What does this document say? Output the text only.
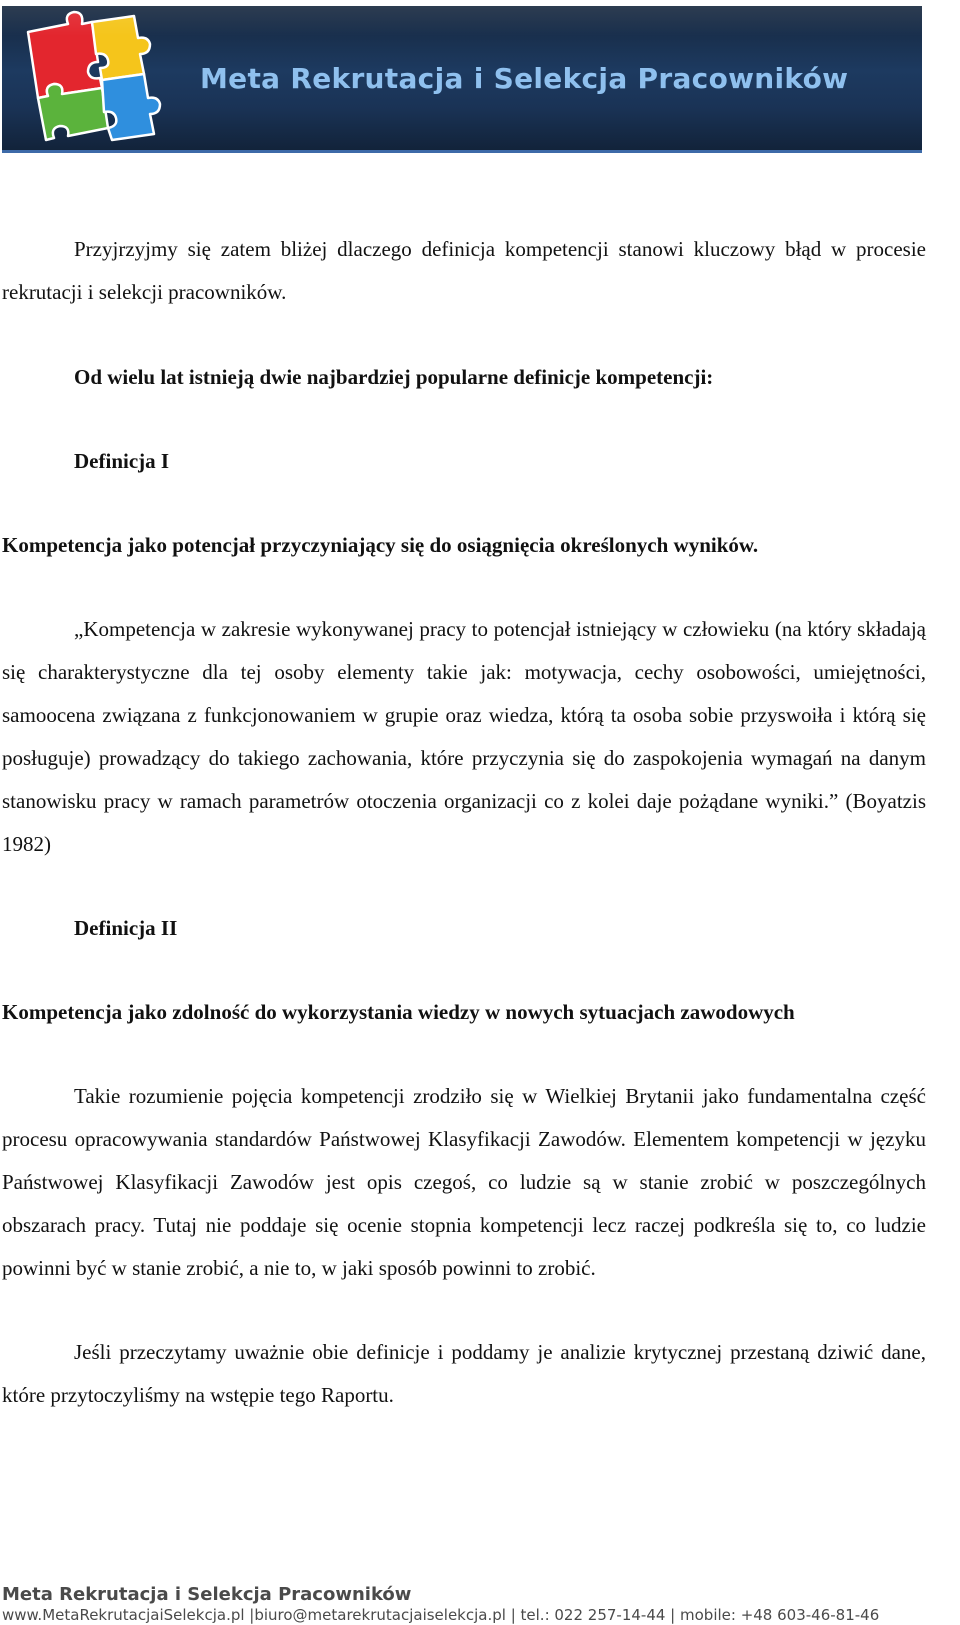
Meta Rekrutacja i Selekcja Pracowników

Przyjrzyjmy się zatem bliżej dlaczego definicja kompetencji stanowi kluczowy błąd w procesie rekrutacji i selekcji pracowników.

Od wielu lat istnieją dwie najbardziej popularne definicje kompetencji:

Definicja I

Kompetencja jako potencjał przyczyniający się do osiągnięcia określonych wyników.

„Kompetencja w zakresie wykonywanej pracy to potencjał istniejący w człowieku (na który składają się charakterystyczne dla tej osoby elementy takie jak: motywacja, cechy osobowości, umiejętności, samoocena związana z funkcjonowaniem w grupie oraz wiedza, którą ta osoba sobie przyswoiła i którą się posługuje) prowadzący do takiego zachowania, które przyczynia się do zaspokojenia wymagań na danym stanowisku pracy w ramach parametrów otoczenia organizacji co z kolei daje pożądane wyniki.” (Boyatzis 1982)

Definicja II

Kompetencja jako zdolność do wykorzystania wiedzy w nowych sytuacjach zawodowych

Takie rozumienie pojęcia kompetencji zrodziło się w Wielkiej Brytanii jako fundamentalna część procesu opracowywania standardów Państwowej Klasyfikacji Zawodów. Elementem kompetencji w języku Państwowej Klasyfikacji Zawodów jest opis czegoś, co ludzie są w stanie zrobić w poszczególnych obszarach pracy. Tutaj nie poddaje się ocenie stopnia kompetencji lecz raczej podkreśla się to, co ludzie powinni być w stanie zrobić, a nie to, w jaki sposób powinni to zrobić.

Jeśli przeczytamy uważnie obie definicje i poddamy je analizie krytycznej przestaną dziwić dane, które przytoczyliśmy na wstępie tego Raportu.

Meta Rekrutacja i Selekcja Pracowników
www.MetaRekrutacjaiSelekcja.pl |biuro@metarekrutacjaiselekcja.pl | tel.: 022 257-14-44 | mobile: +48 603-46-81-46
